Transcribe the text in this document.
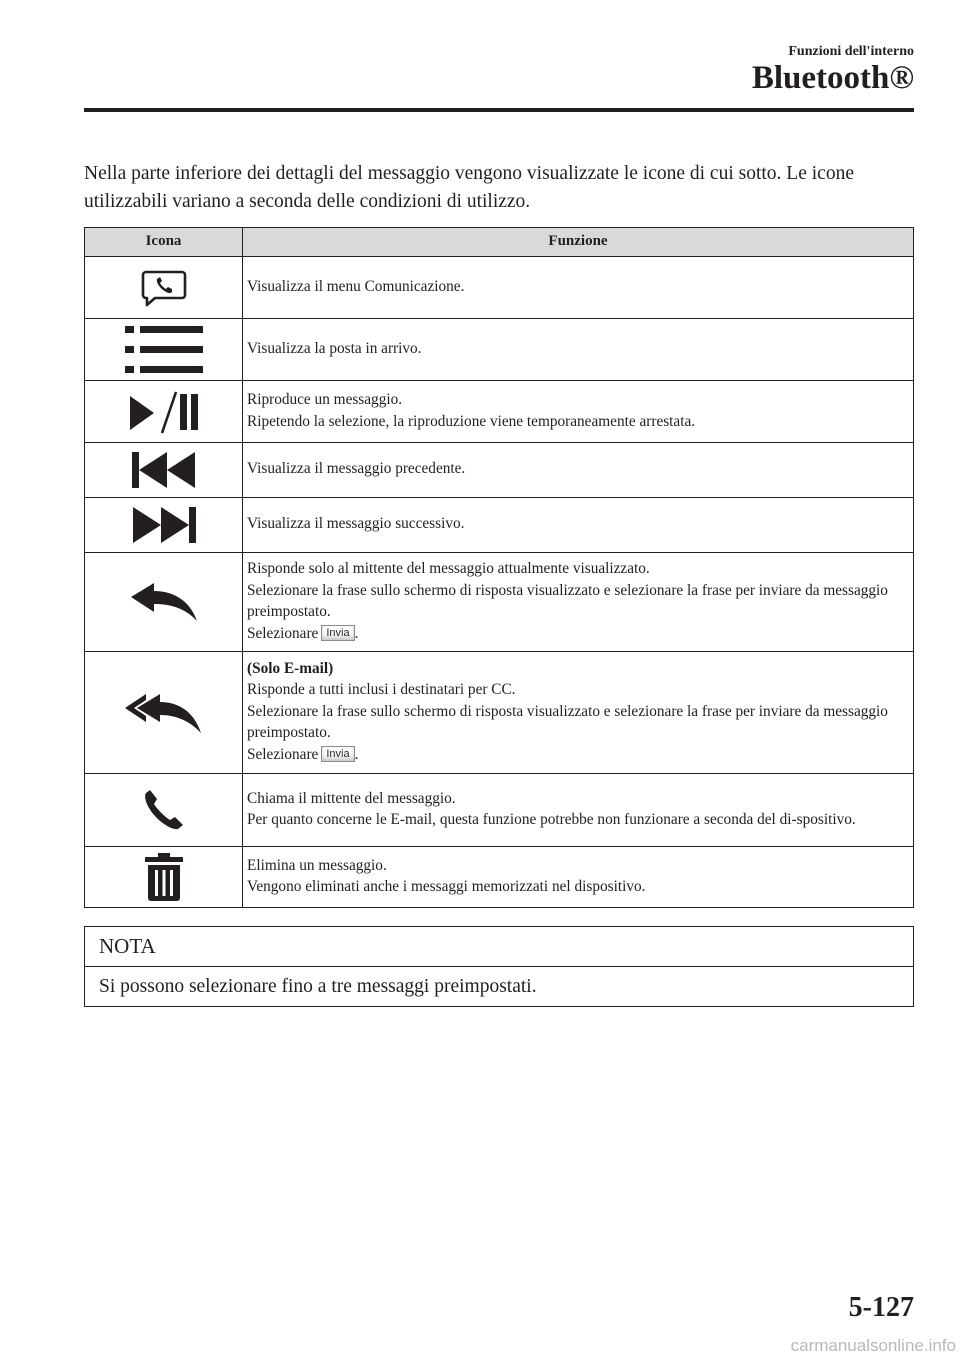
Funzioni dell'interno
Bluetooth®
Nella parte inferiore dei dettagli del messaggio vengono visualizzate le icone di cui sotto. Le icone utilizzabili variano a seconda delle condizioni di utilizzo.
Icona	Funzione

Visualizza il menu Comunicazione.

Visualizza la posta in arrivo.

Riproduce un messaggio.
Ripetendo la selezione, la riproduzione viene temporaneamente arrestata.

Visualizza il messaggio precedente.

Visualizza il messaggio successivo.

Risponde solo al mittente del messaggio attualmente visualizzato.
Selezionare la frase sullo schermo di risposta visualizzato e selezionare la frase per inviare da messaggio preimpostato.
Selezionare Invia .

(Solo E-mail)
Risponde a tutti inclusi i destinatari per CC.
Selezionare la frase sullo schermo di risposta visualizzato e selezionare la frase per inviare da messaggio preimpostato.
Selezionare Invia .

Chiama il mittente del messaggio.
Per quanto concerne le E-mail, questa funzione potrebbe non funzionare a seconda del di-spositivo.

Elimina un messaggio.
Vengono eliminati anche i messaggi memorizzati nel dispositivo.
NOTA
Si possono selezionare fino a tre messaggi preimpostati.
5-127
carmanualsonline.info
